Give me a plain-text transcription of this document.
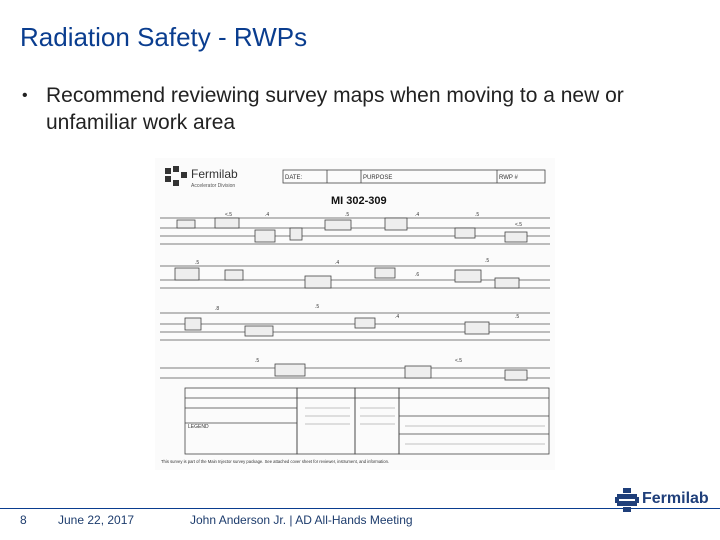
Radiation Safety - RWPs
• Recommend reviewing survey maps when moving to a new or unfamiliar work area
Fermilab
Accelerator Division
DATE:	PURPOSE	RWP #
MI 302-309
<.5	.4	.5	.4	.5
<.5
.5	.4
.6
.5
.8	.5
.4	.5
.5	<.5
LEGEND
This survey is part of the Main Injector survey package. See attached cover sheet for reviewer, instrument, and information.
8	June 22, 2017	John Anderson Jr. | AD All-Hands Meeting
Fermilab
